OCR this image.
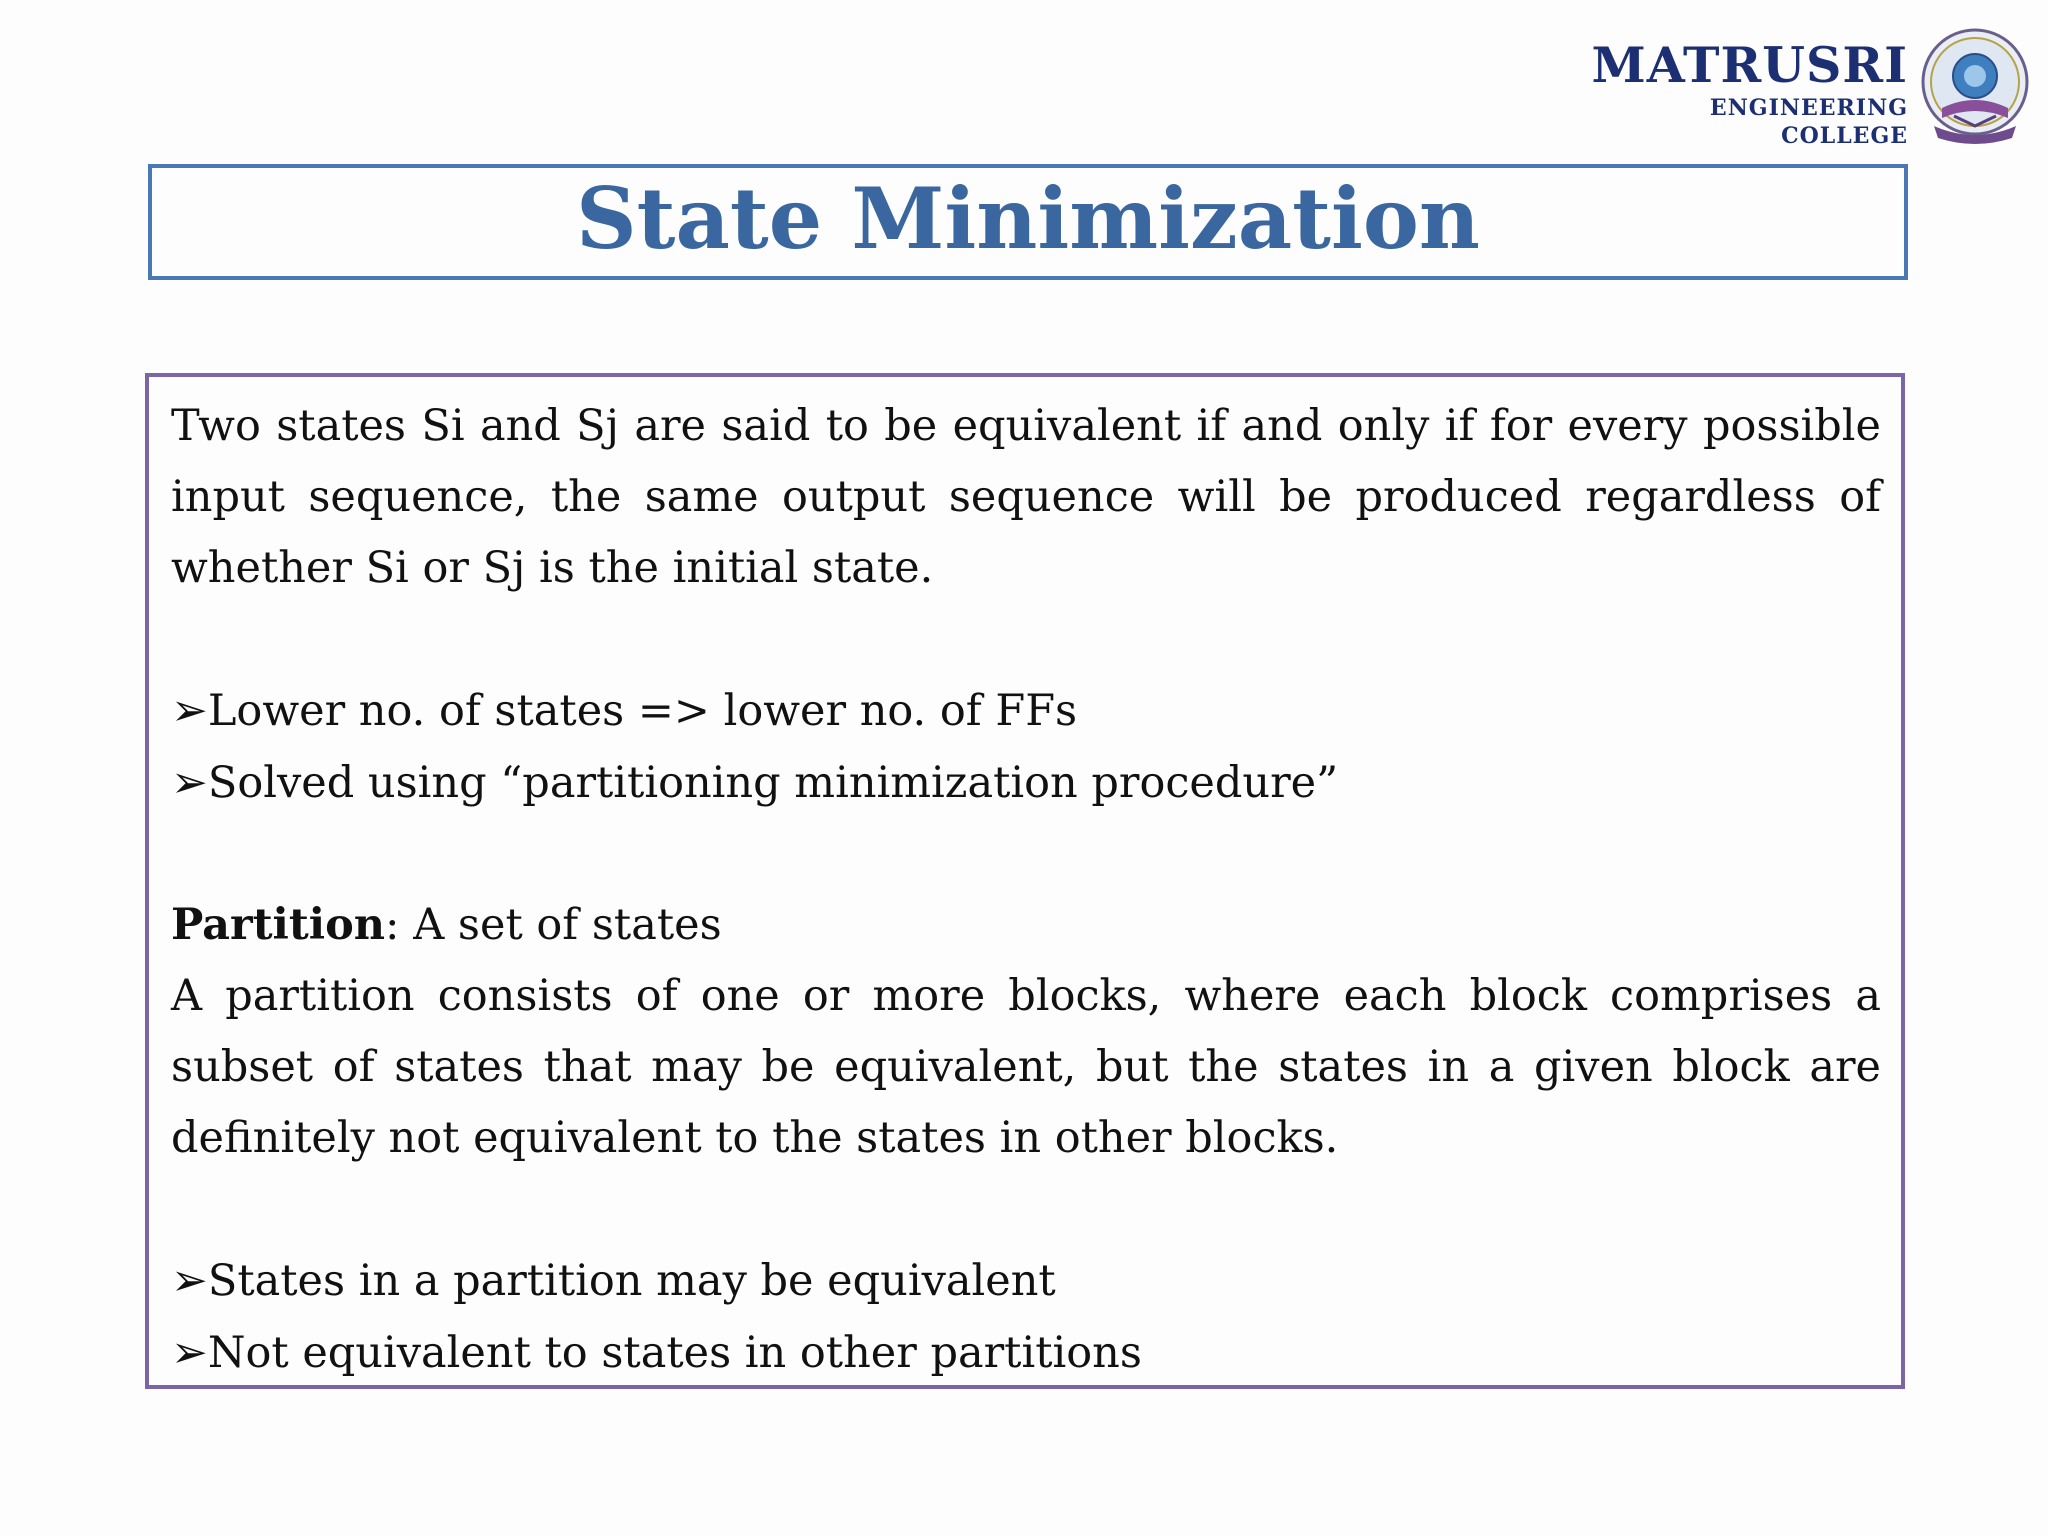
MATRUSRI
ENGINEERING COLLEGE
State Minimization

Two states Si and Sj are said to be equivalent if and only if for every possible input sequence, the same output sequence will be produced regardless of whether Si or Sj is the initial state.

➢Lower no. of states => lower no. of FFs

➢Solved using “partitioning minimization procedure”

Partition: A set of states

A partition consists of one or more blocks, where each block comprises a subset of states that may be equivalent, but the states in a given block are definitely not equivalent to the states in other blocks.

➢States in a partition may be equivalent

➢Not equivalent to states in other partitions
